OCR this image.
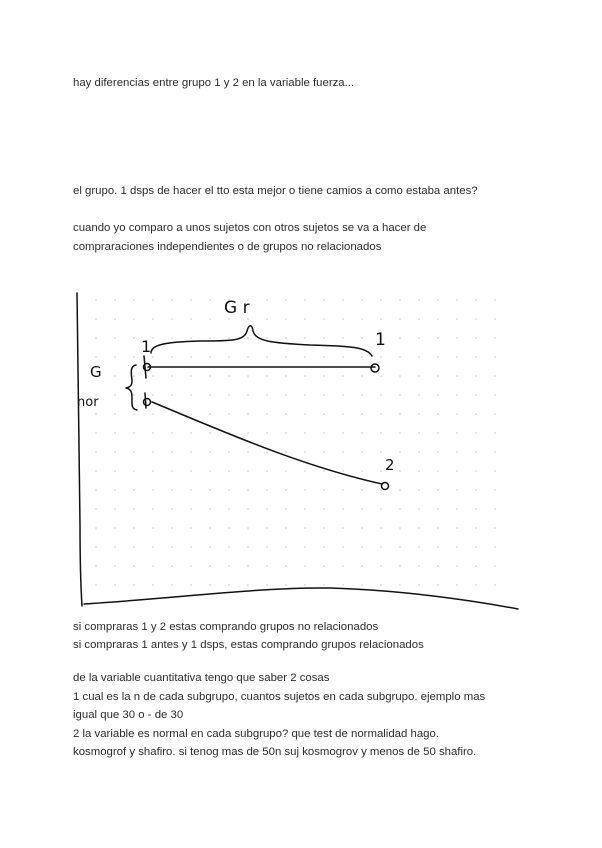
hay diferencias entre grupo 1 y 2 en la variable fuerza...
el grupo. 1 dsps de hacer el tto esta mejor o tiene camios a como estaba antes?
cuando yo comparo a unos sujetos con otros sujetos se va a hacer de
compraraciones independientes o de grupos no relacionados
G r
1	1
G
nor
2
si compraras 1 y 2 estas comprando grupos no relacionados
si compraras 1 antes y 1 dsps, estas comprando grupos relacionados
de la variable cuantitativa tengo que saber 2 cosas
1 cual es la n de cada subgrupo, cuantos sujetos en cada subgrupo. ejemplo mas
igual que 30 o - de 30
2 la variable es normal en cada subgrupo? que test de normalidad hago.
kosmogrof y shafiro. si tenog mas de 50n suj kosmogrov y menos de 50 shafiro.
